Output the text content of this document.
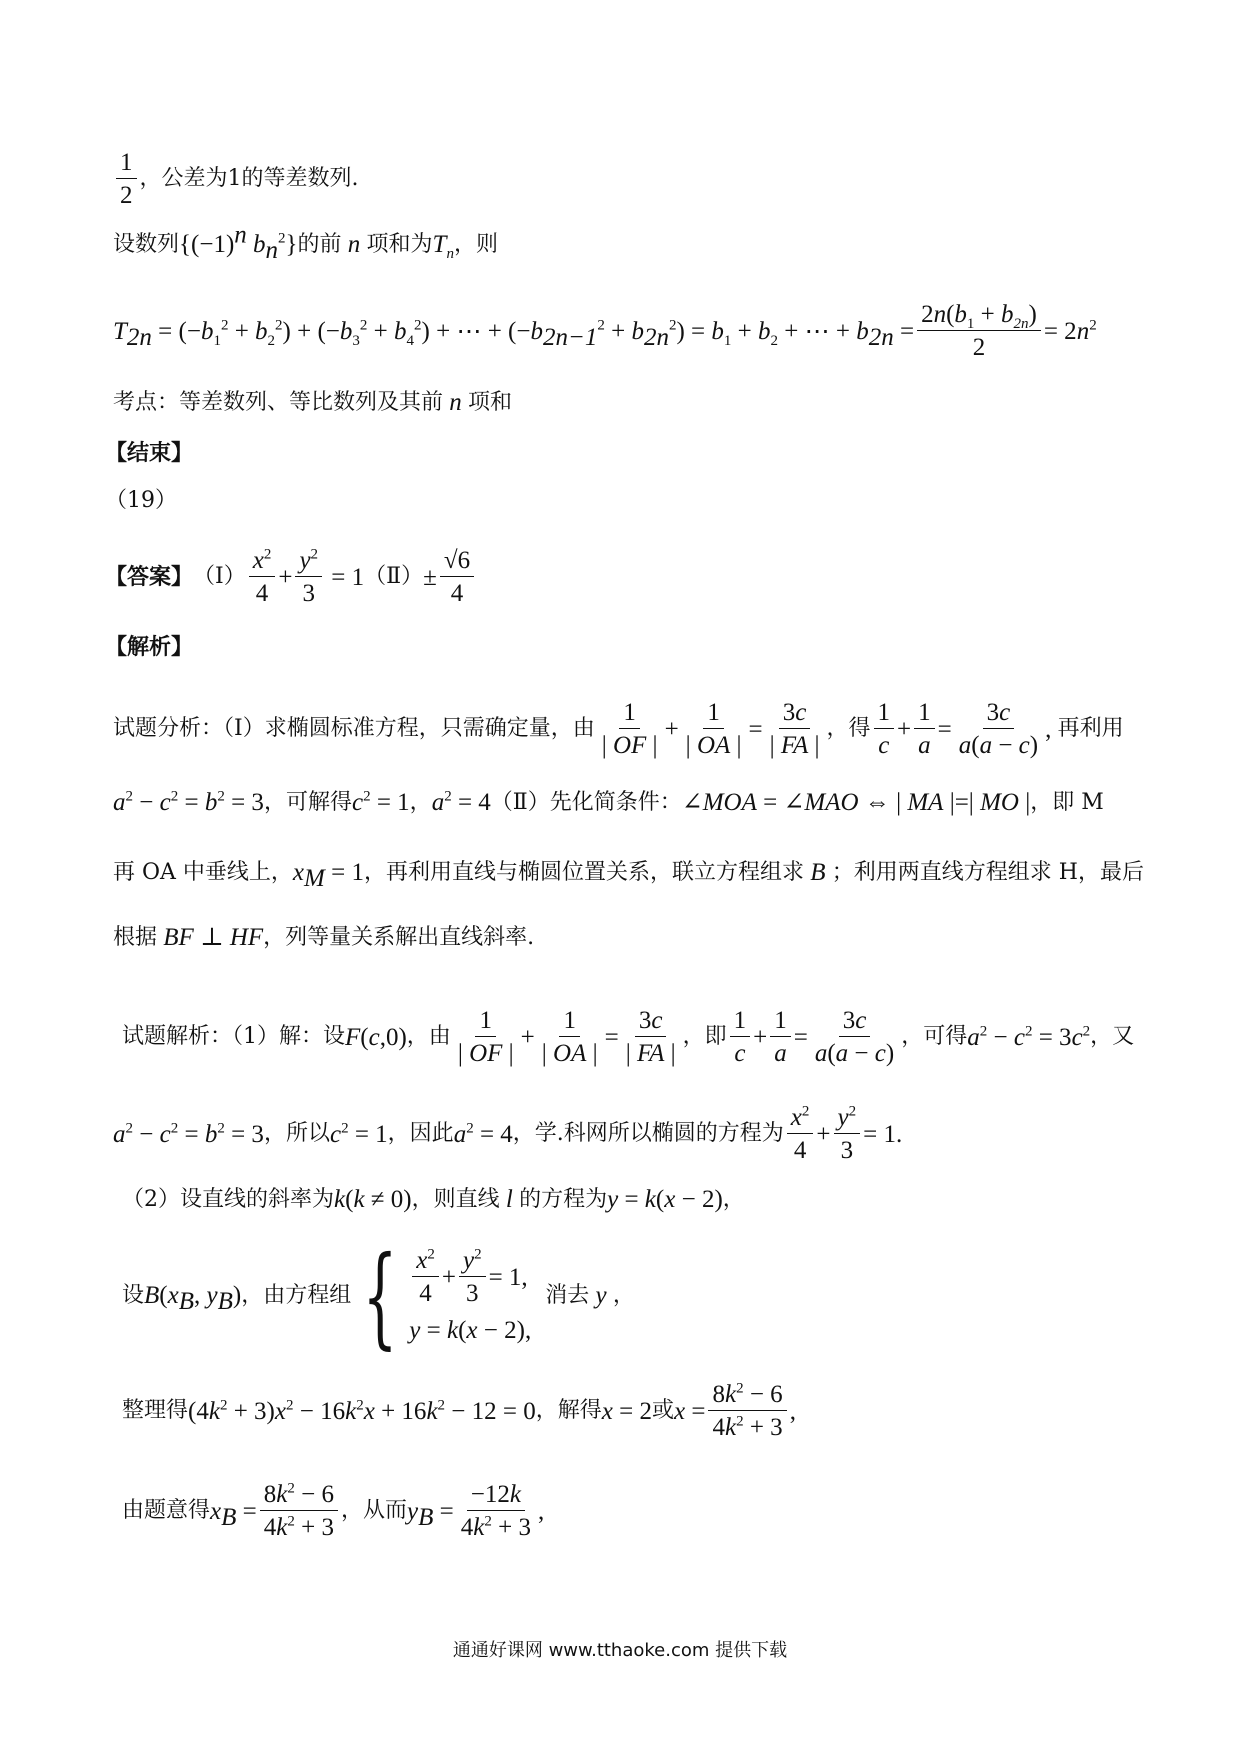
$\frac{1}{2}$ ，公差为1的等差数列.
设数列 {$(-1)^n$ $b_n^2$} 的前 n 项和为 $T_n$ ，则
$T_{2n} = (-b_1^2 + b_2^2) + (-b_3^2 + b_4^2)$ + ⋯ + $(-b_{2n-1}^2 + b_{2n}^2) = b_1 + b_2$ + ⋯ + $b_{2n} = \frac{2n(b_1 + b_{2n})}{2} = 2n^2$
考点：等差数列、等比数列及其前 n 项和
【结束】
（19）
【答案】 （Ⅰ） $\frac{x^2}{4} + \frac{y^2}{3} = 1$ （Ⅱ） ± $\frac{√6}{4}$
【解析】
试题分析：（Ⅰ）求椭圆标准方程，只需确定量，由 $\frac{1}{| OF |} + \frac{1}{| OA |} = \frac{3c}{| FA |}$ ，得 $\frac{1}{c} + \frac{1}{a} = \frac{3c}{a(a - c)}$ , 再利用
$a^2 - c^2 = b^2 = 3$ ，可解得 $c^2 = 1$ ， $a^2 = 4$ （Ⅱ）先化简条件： ∠MOA = ∠MAO ⇔ | MA |=| MO | ，即 M
再 OA 中垂线上， $x_M = 1$ ，再利用直线与椭圆位置关系，联立方程组求 B ；利用两直线方程组求 H，最后
根据 BF ⊥ HF ，列等量关系解出直线斜率.
试题解析：（1）解：设 F(c,0) ，由 $\frac{1}{| OF |} + \frac{1}{| OA |} = \frac{3c}{| FA |}$ ，即 $\frac{1}{c} + \frac{1}{a} = \frac{3c}{a(a - c)}$ ，可得 $a^2 - c^2 = 3c^2$ ，又
$a^2 - c^2 = b^2 = 3$ ，所以 $c^2 = 1$ ，因此 $a^2 = 4$ ，学.科网所以椭圆的方程为 $\frac{x^2}{4} + \frac{y^2}{3} = 1$.
（2）设直线的斜率为 k(k ≠ 0) ，则直线 l 的方程为 y = k(x − 2) ，
设 $B(x_B$, $y_B$) ，由方程组 { $\frac{x^2}{4} + \frac{y^2}{3} = 1$,
y = k(x − 2),
消去 y ，
整理得 $(4k^2 + 3)x^2 - 16k^2x + 16k^2 - 12 = 0$ ，解得 x = 2 或 $x = \frac{8k^2 - 6}{4k^2 + 3}$ ,
由题意得 $x_B = \frac{8k^2 - 6}{4k^2 + 3}$ ，从而 $y_B = \frac{-12k}{4k^2 + 3}$ ,
通通好课网 www.tthaoke.com 提供下载
